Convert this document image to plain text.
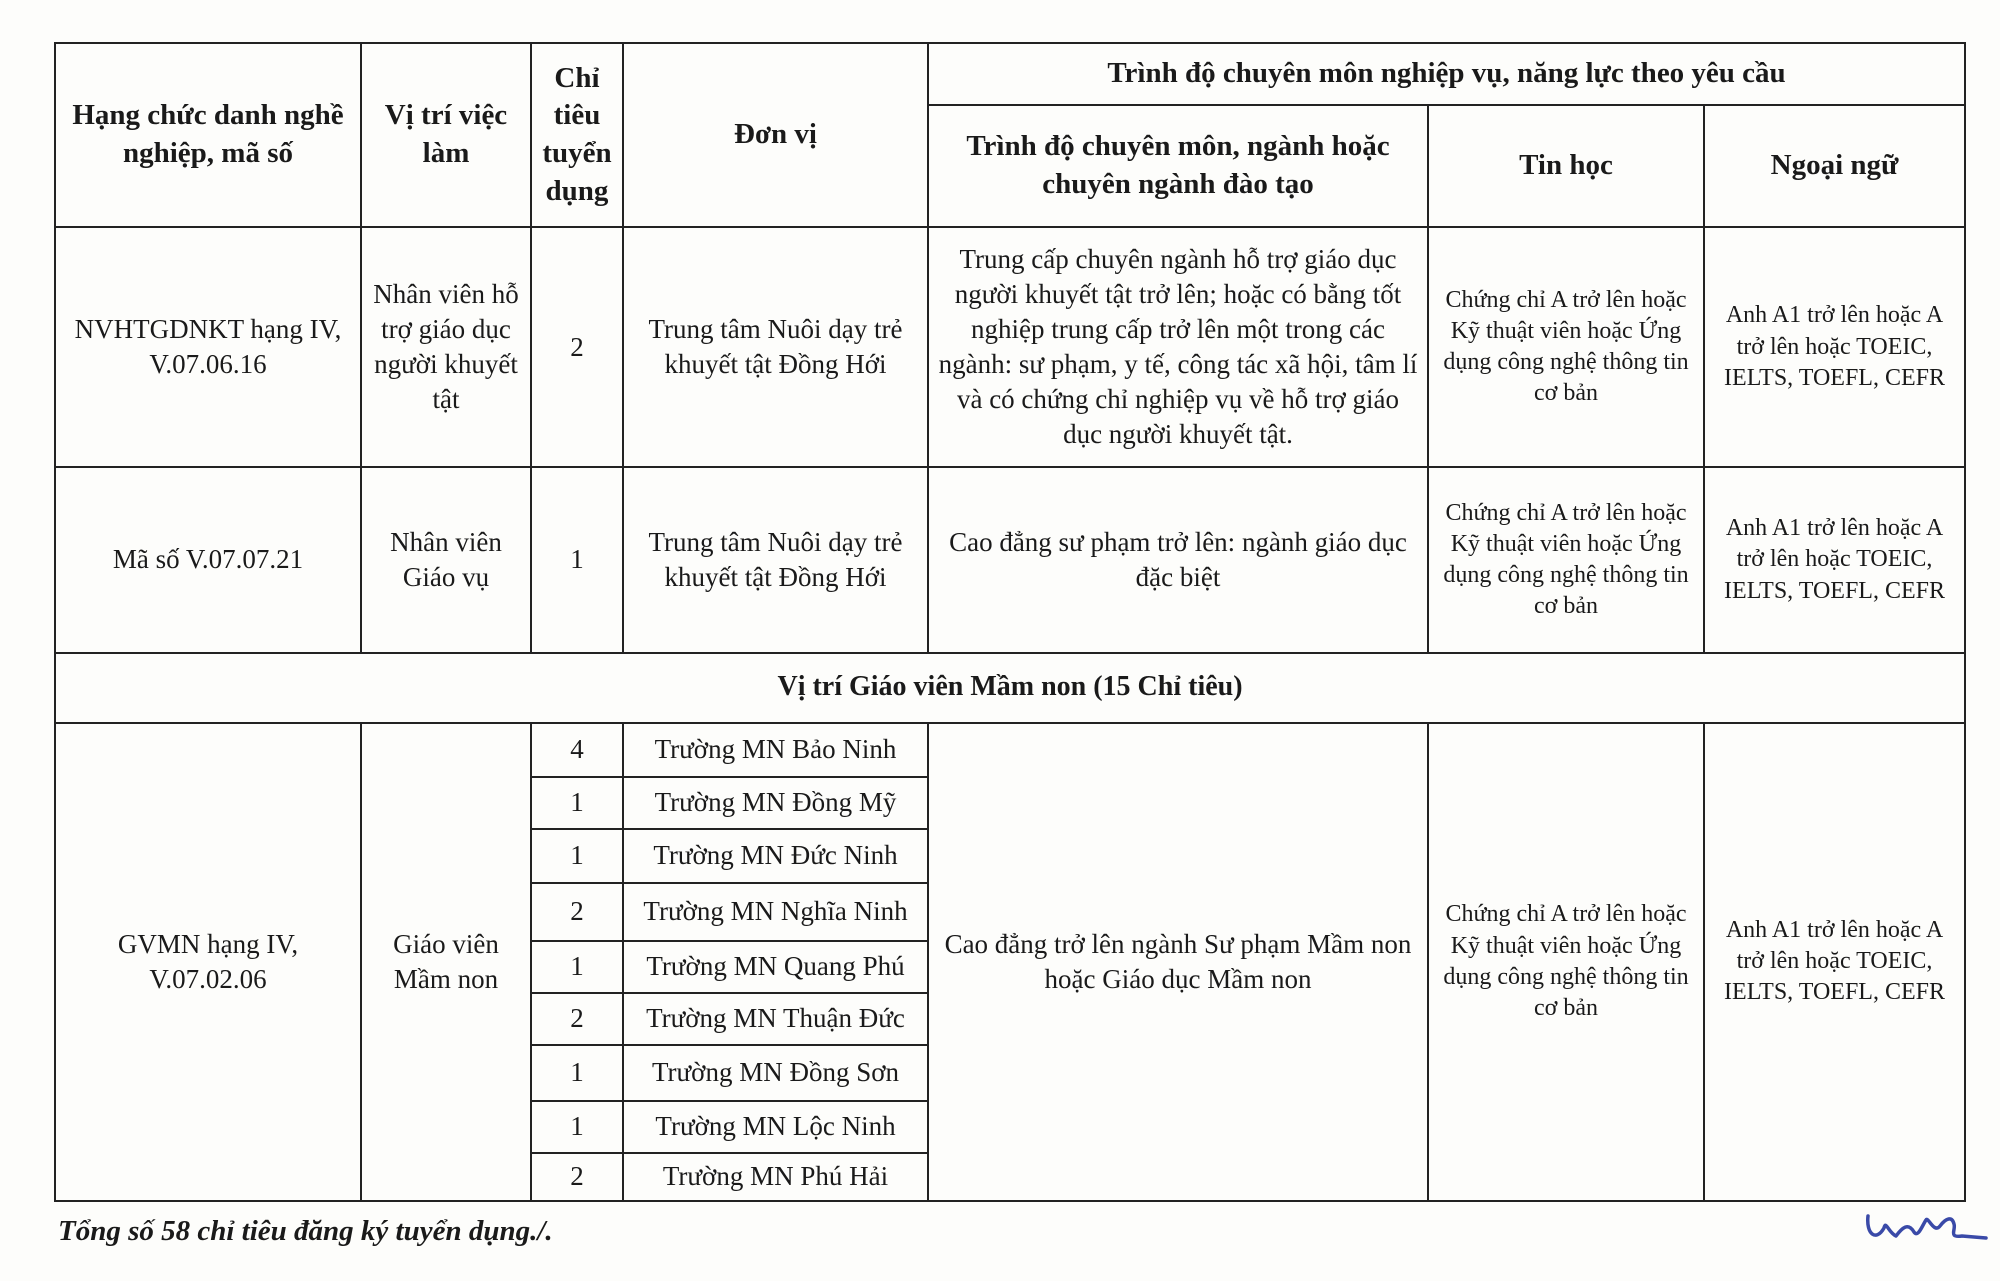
Hạng chức danh nghề nghiệp, mã số	Vị trí việc làm	Chỉ tiêu tuyển dụng	Đơn vị	Trình độ chuyên môn nghiệp vụ, năng lực theo yêu cầu		
				Trình độ chuyên môn, ngành hoặc chuyên ngành đào tạo	Tin học	Ngoại ngữ
NVHTGDNKT hạng IV, V.07.06.16	Nhân viên hỗ trợ giáo dục người khuyết tật	2	Trung tâm Nuôi dạy trẻ khuyết tật Đồng Hới	Trung cấp chuyên ngành hỗ trợ giáo dục người khuyết tật trở lên; hoặc có bằng tốt nghiệp trung cấp trở lên một trong các ngành: sư phạm, y tế, công tác xã hội, tâm lí và có chứng chỉ nghiệp vụ về hỗ trợ giáo dục người khuyết tật.	Chứng chỉ A trở lên hoặc Kỹ thuật viên hoặc Ứng dụng công nghệ thông tin cơ bản	Anh A1 trở lên hoặc A trở lên hoặc TOEIC, IELTS, TOEFL, CEFR
Mã số V.07.07.21	Nhân viên Giáo vụ	1	Trung tâm Nuôi dạy trẻ khuyết tật Đồng Hới	Cao đẳng sư phạm trở lên: ngành giáo dục đặc biệt	Chứng chỉ A trở lên hoặc Kỹ thuật viên hoặc Ứng dụng công nghệ thông tin cơ bản	Anh A1 trở lên hoặc A trở lên hoặc TOEIC, IELTS, TOEFL, CEFR
Vị trí Giáo viên Mầm non (15 Chỉ tiêu)						
GVMN hạng IV, V.07.02.06	Giáo viên Mầm non	4	Trường MN Bảo Ninh	Cao đẳng trở lên ngành Sư phạm Mầm non hoặc Giáo dục Mầm non	Chứng chỉ A trở lên hoặc Kỹ thuật viên hoặc Ứng dụng công nghệ thông tin cơ bản	Anh A1 trở lên hoặc A trở lên hoặc TOEIC, IELTS, TOEFL, CEFR
		1	Trường MN Đồng Mỹ			
		1	Trường MN Đức Ninh			
		2	Trường MN Nghĩa Ninh			
		1	Trường MN Quang Phú			
		2	Trường MN Thuận Đức			
		1	Trường MN Đồng Sơn			
		1	Trường MN Lộc Ninh			
		2	Trường MN Phú Hải			
Tổng số 58 chỉ tiêu đăng ký tuyển dụng./.
